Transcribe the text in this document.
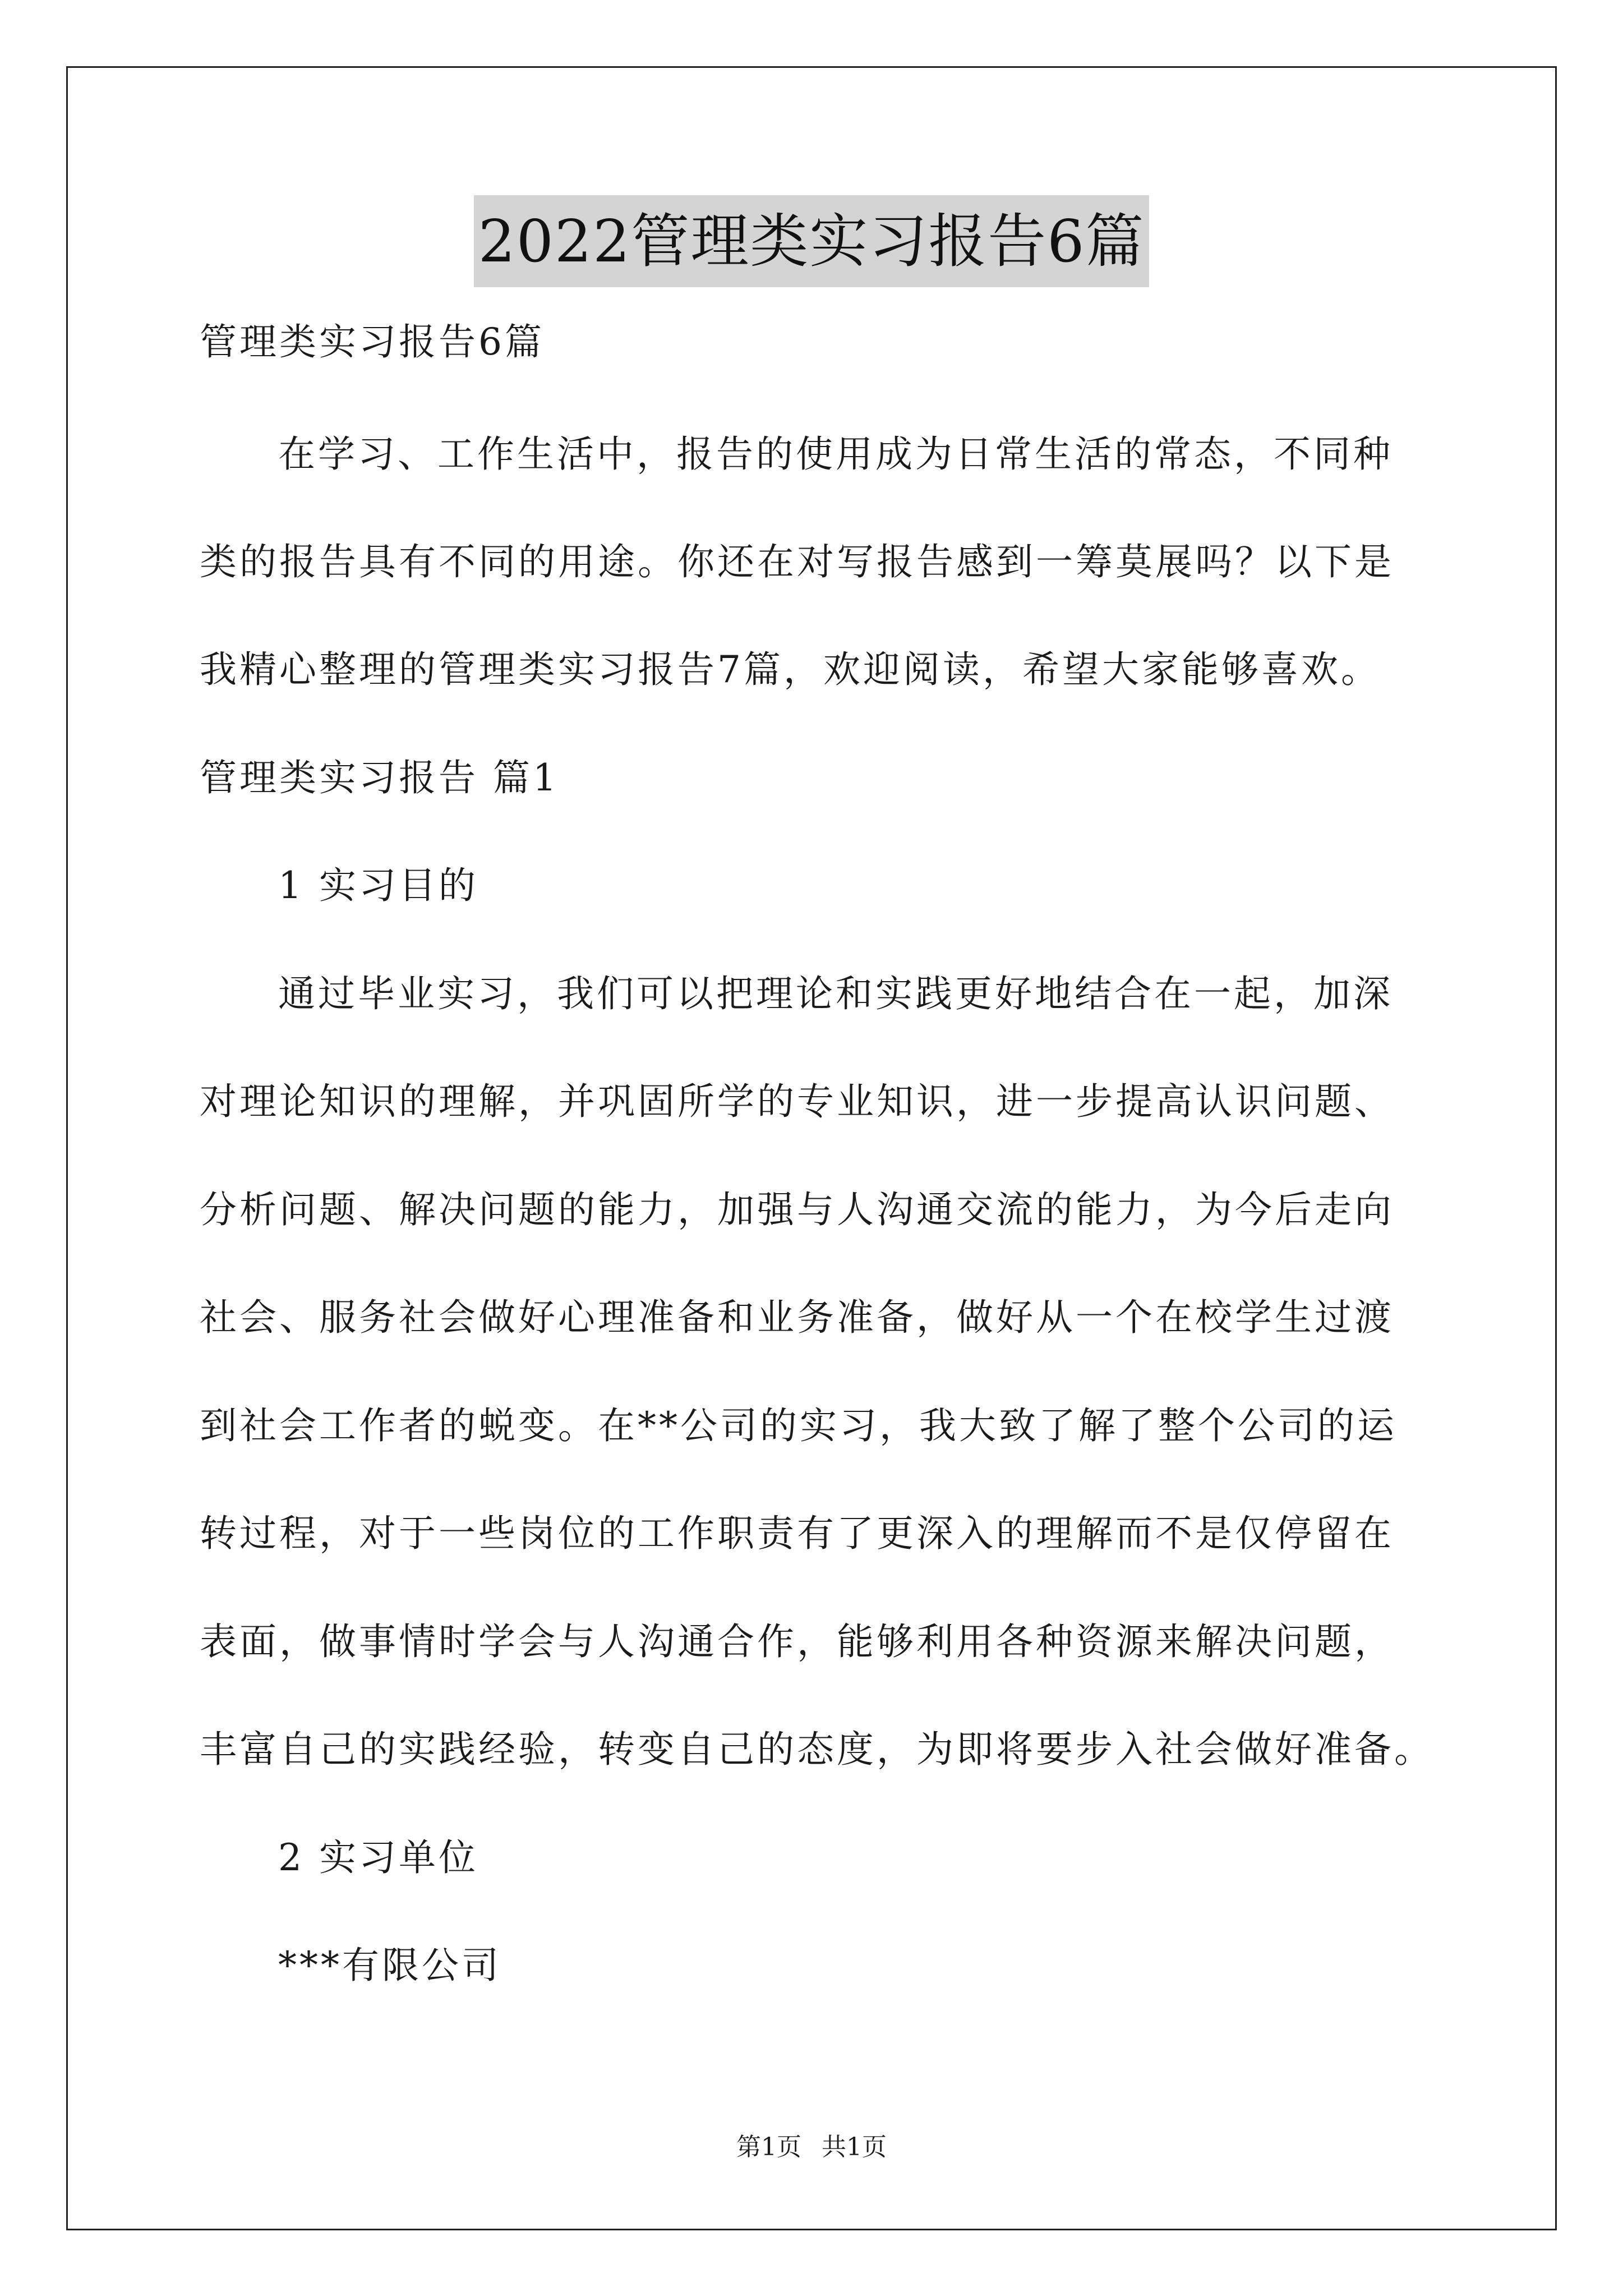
2022管理类实习报告6篇
管理类实习报告6篇
在学习、工作生活中，报告的使用成为日常生活的常态，不同种
类的报告具有不同的用途。你还在对写报告感到一筹莫展吗？以下是
我精心整理的管理类实习报告7篇，欢迎阅读，希望大家能够喜欢。
管理类实习报告 篇1
1 实习目的
通过毕业实习，我们可以把理论和实践更好地结合在一起，加深
对理论知识的理解，并巩固所学的专业知识，进一步提高认识问题、
分析问题、解决问题的能力，加强与人沟通交流的能力，为今后走向
社会、服务社会做好心理准备和业务准备，做好从一个在校学生过渡
到社会工作者的蜕变。在**公司的实习，我大致了解了整个公司的运
转过程，对于一些岗位的工作职责有了更深入的理解而不是仅停留在
表面，做事情时学会与人沟通合作，能够利用各种资源来解决问题，
丰富自己的实践经验，转变自己的态度，为即将要步入社会做好准备。
2 实习单位
***有限公司
第1页 共1页
